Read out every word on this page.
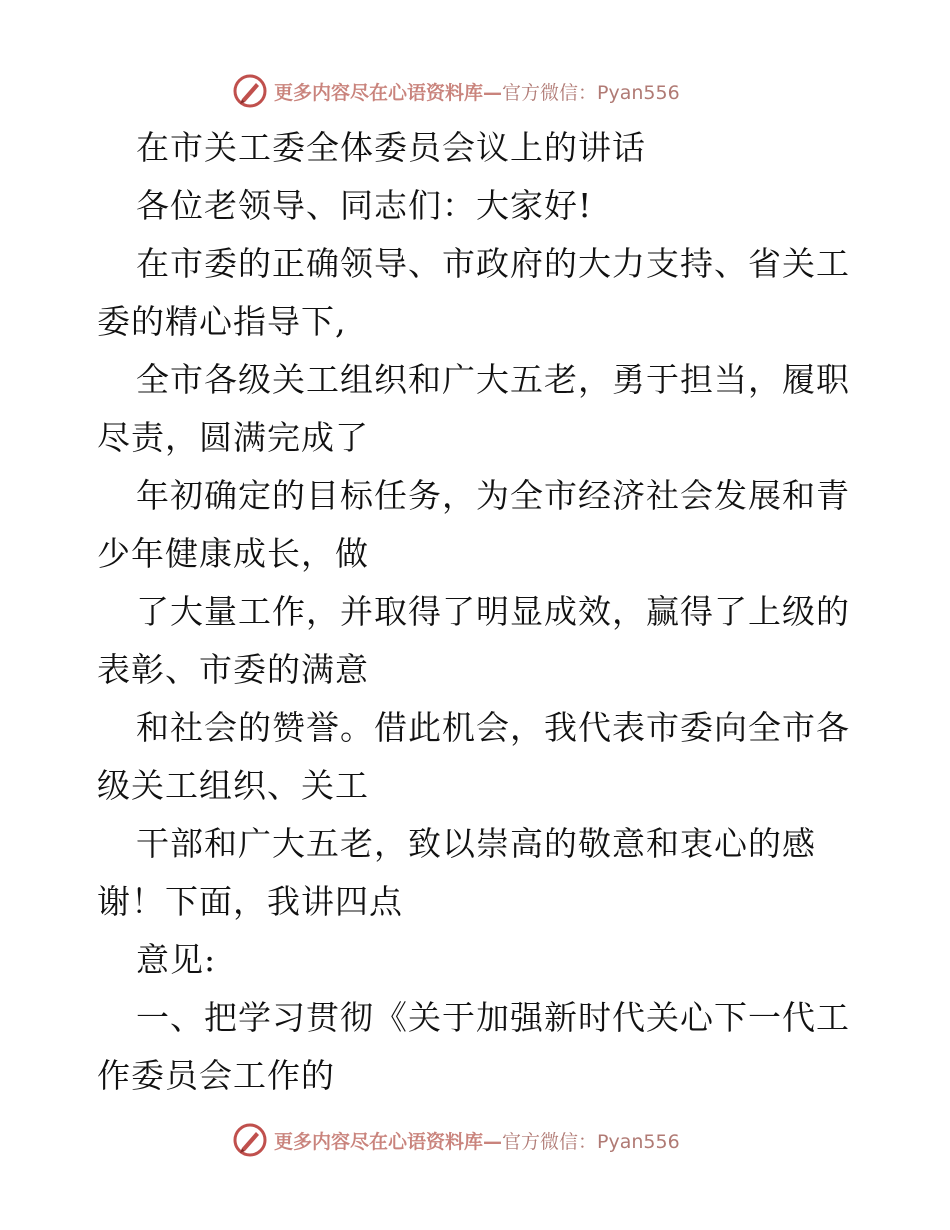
更多内容尽在心语资料库—官方微信：Pyan556

在市关工委全体委员会议上的讲话

各位老领导、同志们：大家好!

在市委的正确领导、市政府的大力支持、省关工

委的精心指导下,

全市各级关工组织和广大五老，勇于担当，履职

尽责，圆满完成了

年初确定的目标任务，为全市经济社会发展和青

少年健康成长，做

了大量工作，并取得了明显成效，赢得了上级的

表彰、市委的满意

和社会的赞誉。借此机会，我代表市委向全市各

级关工组织、关工

干部和广大五老，致以崇高的敬意和衷心的感

谢！下面，我讲四点

意见:

一、把学习贯彻《关于加强新时代关心下一代工

作委员会工作的

更多内容尽在心语资料库—官方微信：Pyan556
